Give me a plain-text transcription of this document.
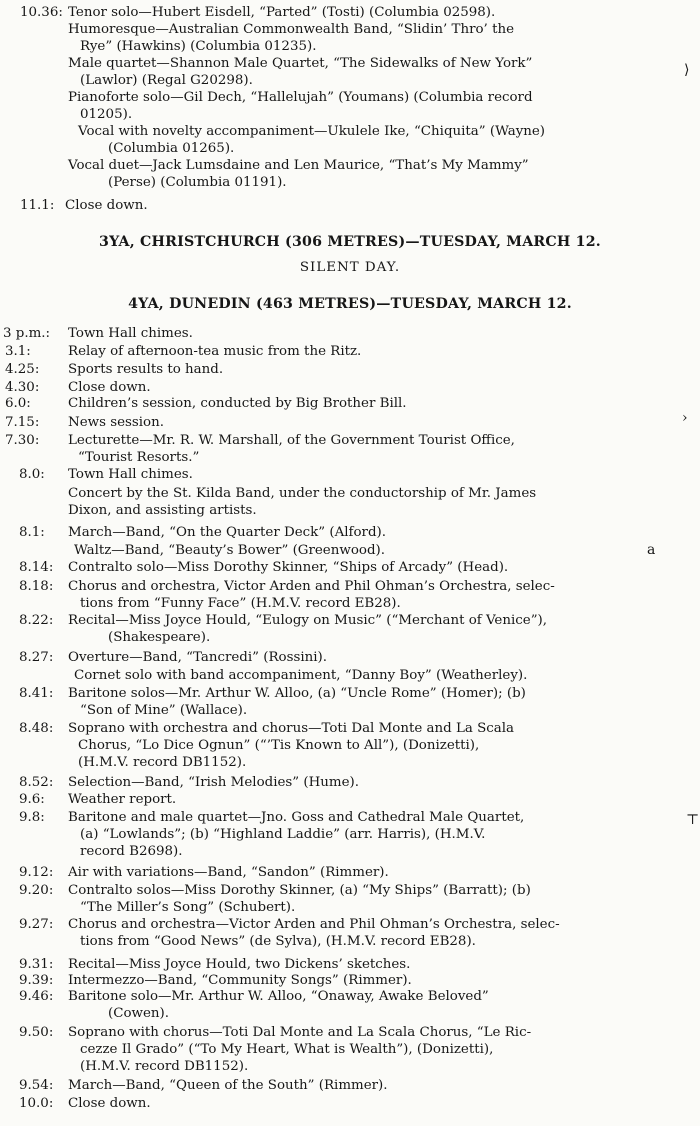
10.36: Tenor solo—Hubert Eisdell, “Parted” (Tosti) (Columbia 02598).
Humoresque—Australian Commonwealth Band, “Slidin’ Thro’ the
Rye” (Hawkins) (Columbia 01235).
Male quartet—Shannon Male Quartet, “The Sidewalks of New York”
(Lawlor) (Regal G20298).
Pianoforte solo—Gil Dech, “Hallelujah” (Youmans) (Columbia record
01205).
Vocal with novelty accompaniment—Ukulele Ike, “Chiquita” (Wayne)
(Columbia 01265).
Vocal duet—Jack Lumsdaine and Len Maurice, “That’s My Mammy”
(Perse) (Columbia 01191).
11.1: Close down.
3YA, CHRISTCHURCH (306 METRES)—TUESDAY, MARCH 12.
SILENT DAY.
4YA, DUNEDIN (463 METRES)—TUESDAY, MARCH 12.
3 p.m.: Town Hall chimes.
3.1:	Relay of afternoon-tea music from the Ritz.
4.25: Sports results to hand.
4.30: Close down.
6.0:	Children’s session, conducted by Big Brother Bill.
7.15: News session.
7.30: Lecturette—Mr. R. W. Marshall, of the Government Tourist Office,
“Tourist Resorts.”
8.0: Town Hall chimes.
Concert by the St. Kilda Band, under the conductorship of Mr. James
Dixon, and assisting artists.
8.1: March—Band, “On the Quarter Deck” (Alford).
Waltz—Band, “Beauty’s Bower” (Greenwood).
8.14: Contralto solo—Miss Dorothy Skinner, “Ships of Arcady” (Head).
8.18: Chorus and orchestra, Victor Arden and Phil Ohman’s Orchestra, selec-
tions from “Funny Face” (H.M.V. record EB28).
8.22: Recital—Miss Joyce Hould, “Eulogy on Music” (“Merchant of Venice”),
(Shakespeare).
8.27: Overture—Band, “Tancredi” (Rossini).
Cornet solo with band accompaniment, “Danny Boy” (Weatherley).
8.41: Baritone solos—Mr. Arthur W. Alloo, (a) “Uncle Rome” (Homer); (b)
“Son of Mine” (Wallace).
8.48: Soprano with orchestra and chorus—Toti Dal Monte and La Scala
Chorus, “Lo Dice Ognun” (“’Tis Known to All”), (Donizetti),
(H.M.V. record DB1152).
8.52: Selection—Band, “Irish Melodies” (Hume).
9.6: Weather report.
9.8: Baritone and male quartet—Jno. Goss and Cathedral Male Quartet,
(a) “Lowlands”; (b) “Highland Laddie” (arr. Harris), (H.M.V.
record B2698).
9.12: Air with variations—Band, “Sandon” (Rimmer).
9.20: Contralto solos—Miss Dorothy Skinner, (a) “My Ships” (Barratt); (b)
“The Miller’s Song” (Schubert).
9.27: Chorus and orchestra—Victor Arden and Phil Ohman’s Orchestra, selec-
tions from “Good News” (de Sylva), (H.M.V. record EB28).
9.31: Recital—Miss Joyce Hould, two Dickens’ sketches.
9.39: Intermezzo—Band, “Community Songs” (Rimmer).
9.46: Baritone solo—Mr. Arthur W. Alloo, “Onaway, Awake Beloved”
(Cowen).
9.50: Soprano with chorus—Toti Dal Monte and La Scala Chorus, “Le Ric-
cezze Il Grado” (“To My Heart, What is Wealth”), (Donizetti),
(H.M.V. record DB1152).
9.54: March—Band, “Queen of the South” (Rimmer).
10.0: Close down.
a
⟩
›
⊤
